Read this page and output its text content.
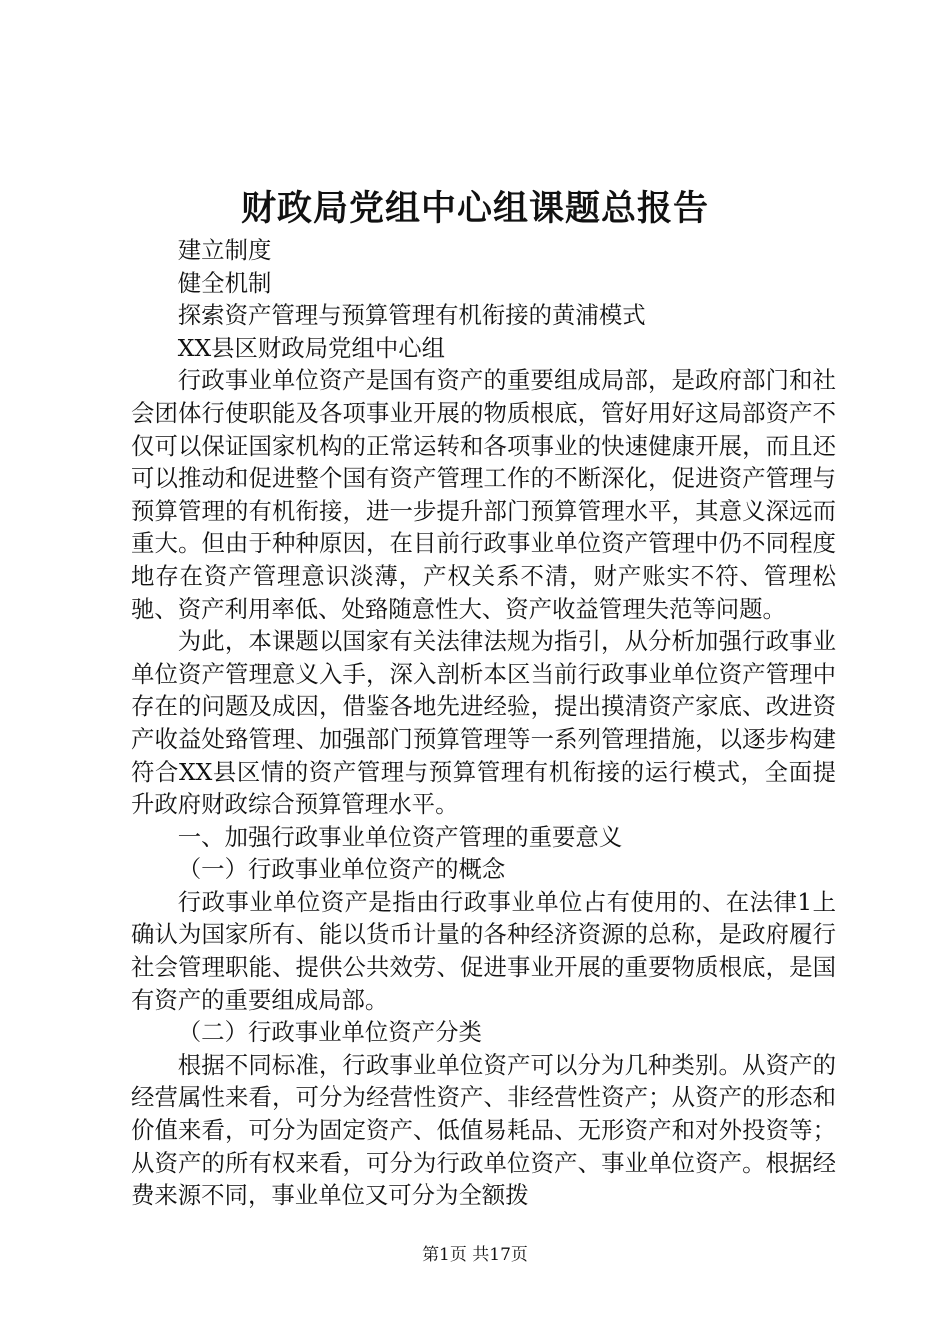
财政局党组中心组课题总报告

建立制度

健全机制

探索资产管理与预算管理有机衔接的黄浦模式

XX县区财政局党组中心组

行政事业单位资产是国有资产的重要组成局部，是政府部门和社会团体行使职能及各项事业开展的物质根底，管好用好这局部资产不仅可以保证国家机构的正常运转和各项事业的快速健康开展，而且还可以推动和促进整个国有资产管理工作的不断深化，促进资产管理与预算管理的有机衔接，进一步提升部门预算管理水平，其意义深远而重大。但由于种种原因，在目前行政事业单位资产管理中仍不同程度地存在资产管理意识淡薄，产权关系不清，财产账实不符、管理松驰、资产利用率低、处臵随意性大、资产收益管理失范等问题。

为此，本课题以国家有关法律法规为指引，从分析加强行政事业单位资产管理意义入手，深入剖析本区当前行政事业单位资产管理中存在的问题及成因，借鉴各地先进经验，提出摸清资产家底、改进资产收益处臵管理、加强部门预算管理等一系列管理措施，以逐步构建符合XX县区情的资产管理与预算管理有机衔接的运行模式，全面提升政府财政综合预算管理水平。

一、加强行政事业单位资产管理的重要意义

（一）行政事业单位资产的概念

行政事业单位资产是指由行政事业单位占有使用的、在法律1上确认为国家所有、能以货币计量的各种经济资源的总称，是政府履行社会管理职能、提供公共效劳、促进事业开展的重要物质根底，是国有资产的重要组成局部。

（二）行政事业单位资产分类

根据不同标准，行政事业单位资产可以分为几种类别。从资产的经营属性来看，可分为经营性资产、非经营性资产；从资产的形态和价值来看，可分为固定资产、低值易耗品、无形资产和对外投资等；从资产的所有权来看，可分为行政单位资产、事业单位资产。根据经费来源不同，事业单位又可分为全额拨

第1页 共17页
